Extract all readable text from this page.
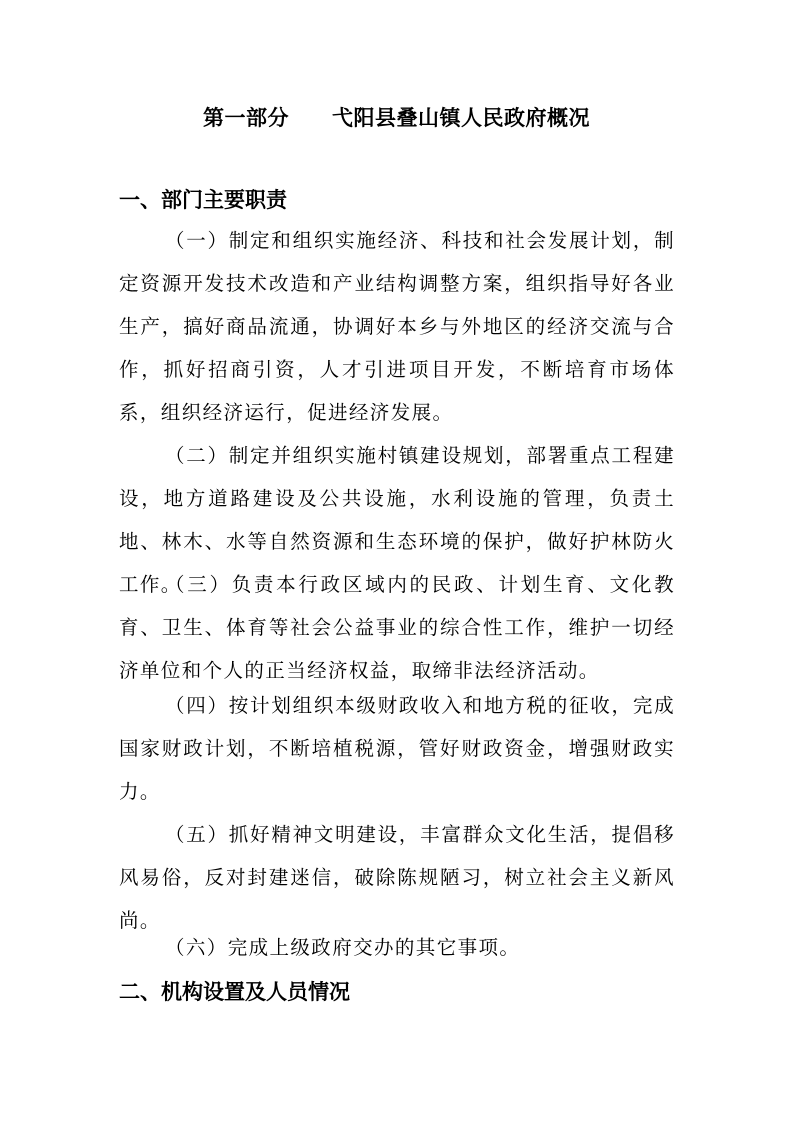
第一部分　　弋阳县叠山镇人民政府概况
一、部门主要职责

（一）制定和组织实施经济、科技和社会发展计划，制定资源开发技术改造和产业结构调整方案，组织指导好各业生产，搞好商品流通，协调好本乡与外地区的经济交流与合作，抓好招商引资，人才引进项目开发，不断培育市场体系，组织经济运行，促进经济发展。

（二）制定并组织实施村镇建设规划，部署重点工程建设，地方道路建设及公共设施，水利设施的管理，负责土地、林木、水等自然资源和生态环境的保护，做好护林防火工作。

（三）负责本行政区域内的民政、计划生育、文化教育、卫生、体育等社会公益事业的综合性工作，维护一切经济单位和个人的正当经济权益，取缔非法经济活动。

（四）按计划组织本级财政收入和地方税的征收，完成国家财政计划，不断培植税源，管好财政资金，增强财政实力。

（五）抓好精神文明建设，丰富群众文化生活，提倡移风易俗，反对封建迷信，破除陈规陋习，树立社会主义新风尚。

（六）完成上级政府交办的其它事项。

二、机构设置及人员情况
